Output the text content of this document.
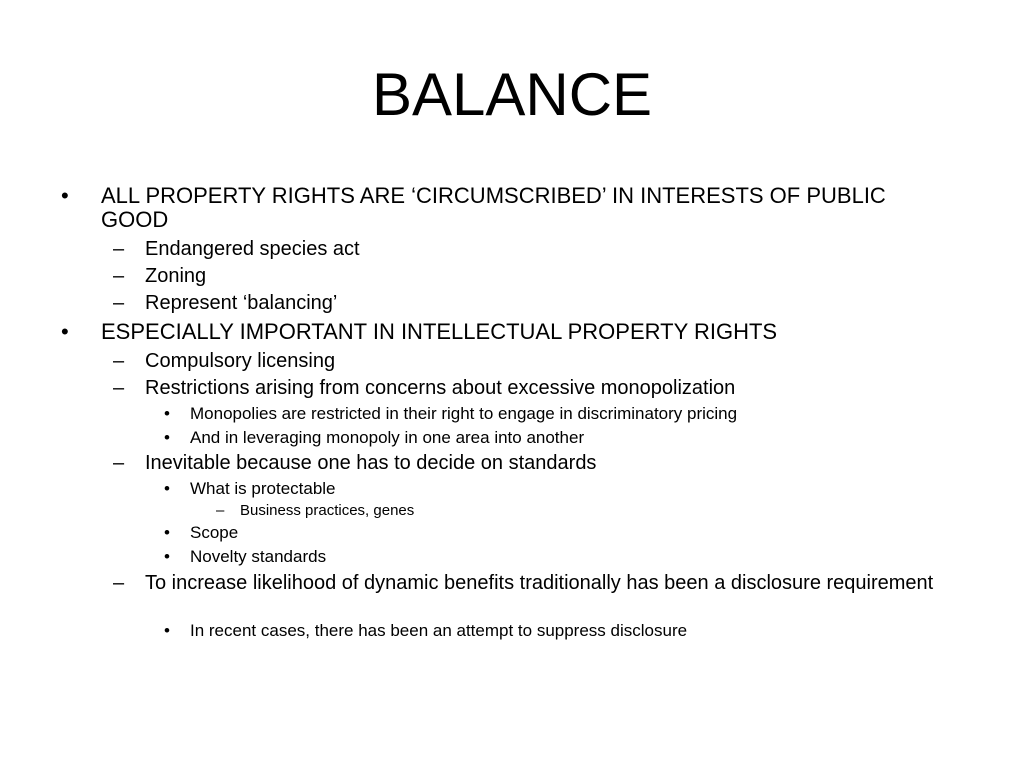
BALANCE
• ALL PROPERTY RIGHTS ARE ‘CIRCUMSCRIBED’ IN INTERESTS OF PUBLIC GOOD
– Endangered species act
– Zoning
– Represent ‘balancing’
• ESPECIALLY IMPORTANT IN INTELLECTUAL PROPERTY RIGHTS
– Compulsory licensing
– Restrictions arising from concerns about excessive monopolization
• Monopolies are restricted in their right to engage in discriminatory pricing
• And in leveraging monopoly in one area into another
– Inevitable because one has to decide on standards
• What is protectable
– Business practices, genes
• Scope
• Novelty standards
– To increase likelihood of dynamic benefits traditionally has been a disclosure requirement
• In recent cases, there has been an attempt to suppress disclosure
